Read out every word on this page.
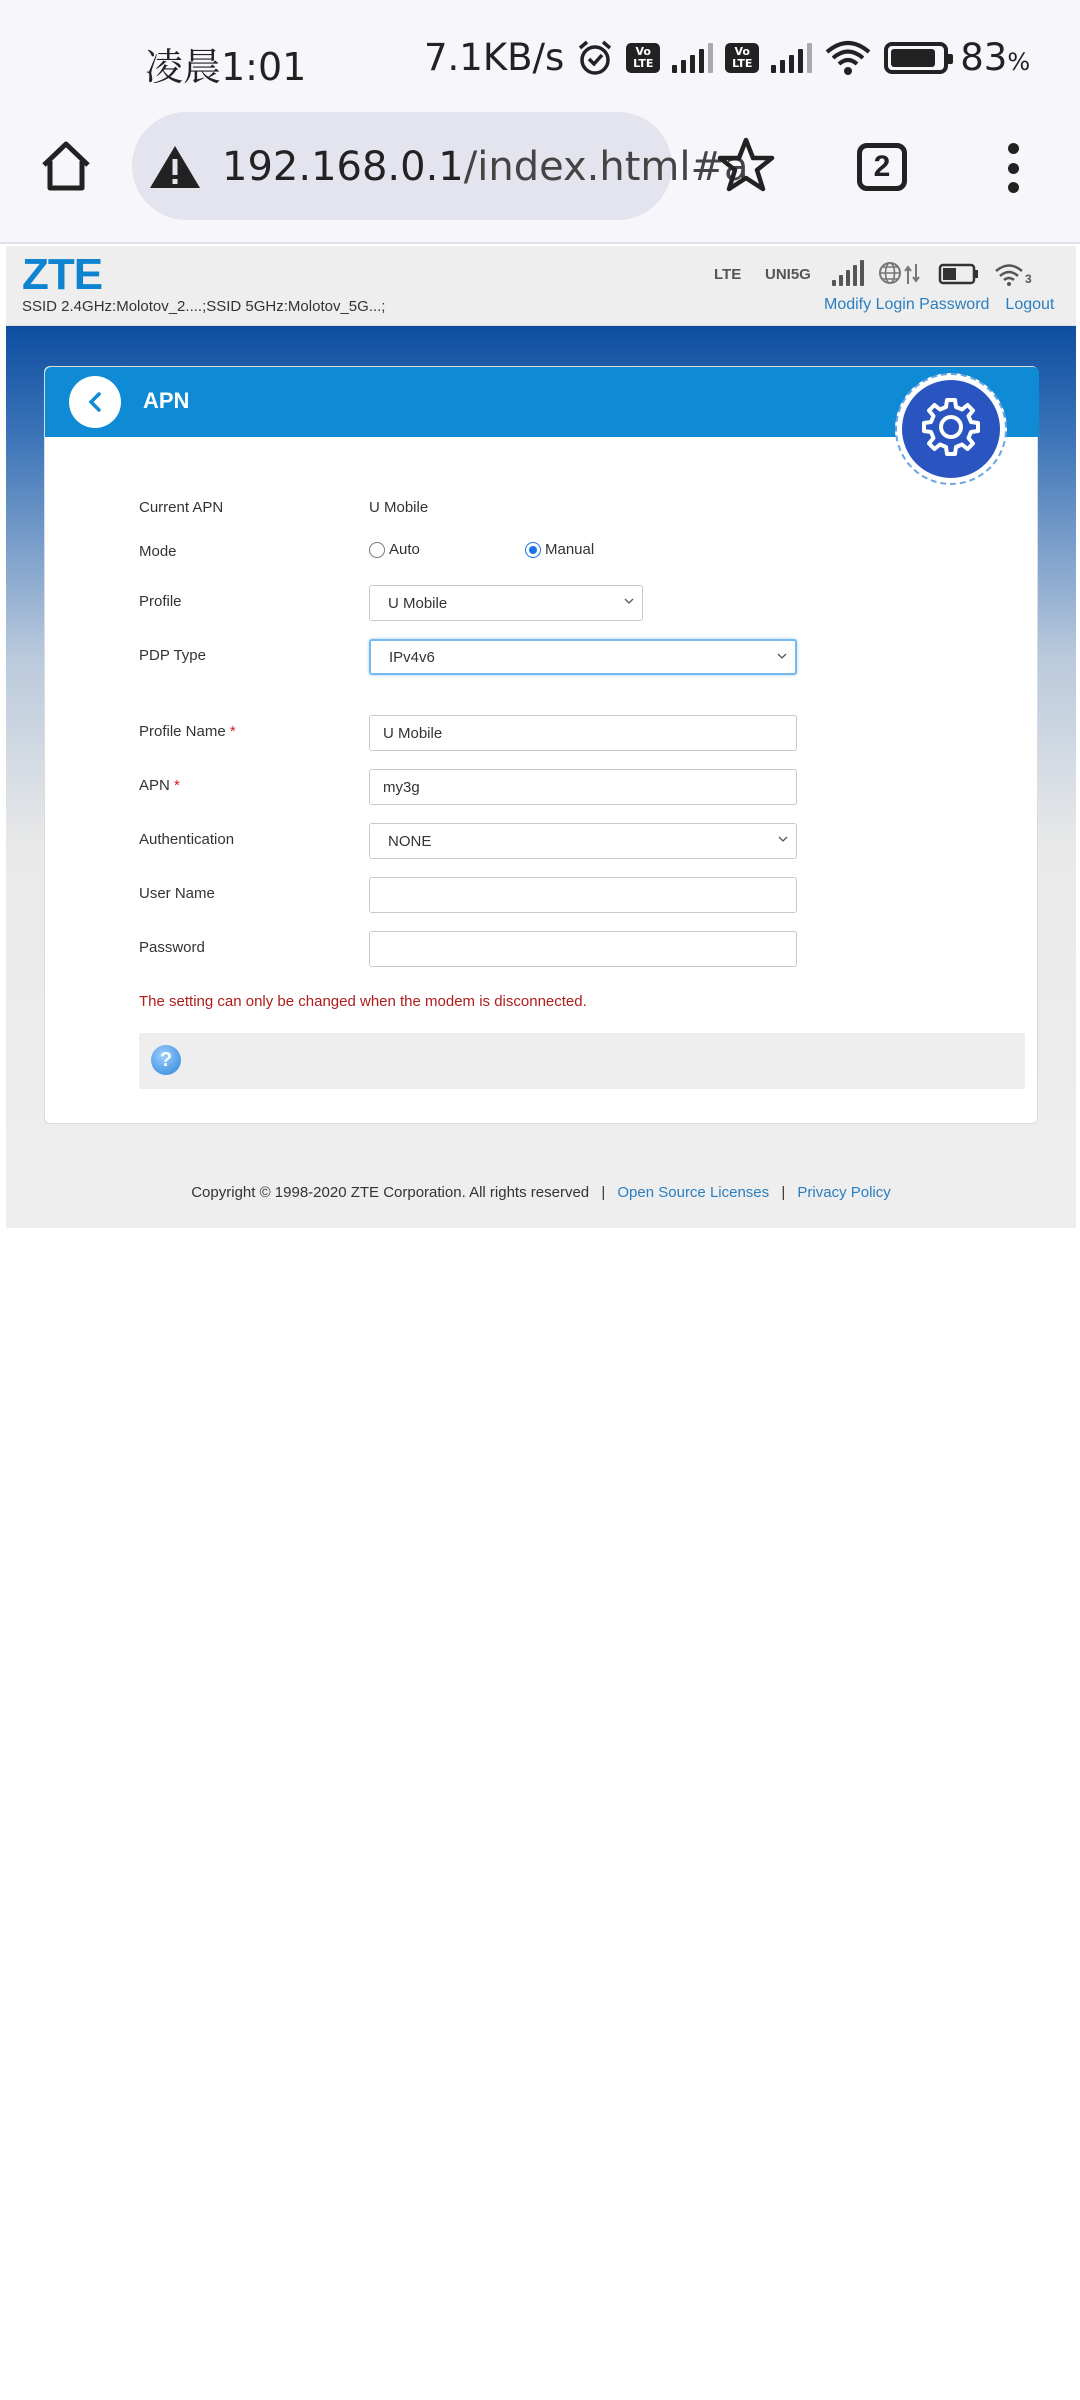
凌晨1:01	7.1KB/s	Vo
LTE
Vo
LTE	83%
192.168.0.1/index.html#a	2
ZTE
SSID 2.4GHz:Molotov_2....;SSID 5GHz:Molotov_5G...;
LTE UNI5G	3
Modify Login Password Logout
APN
Current APN	U Mobile
Mode	Auto	Manual
Profile	U Mobile
PDP Type	IPv4v6
Profile Name *	U Mobile
APN *	my3g
Authentication	NONE
User Name
Password
The setting can only be changed when the modem is disconnected.
?
Copyright © 1998-2020 ZTE Corporation. All rights reserved | Open Source Licenses | Privacy Policy
